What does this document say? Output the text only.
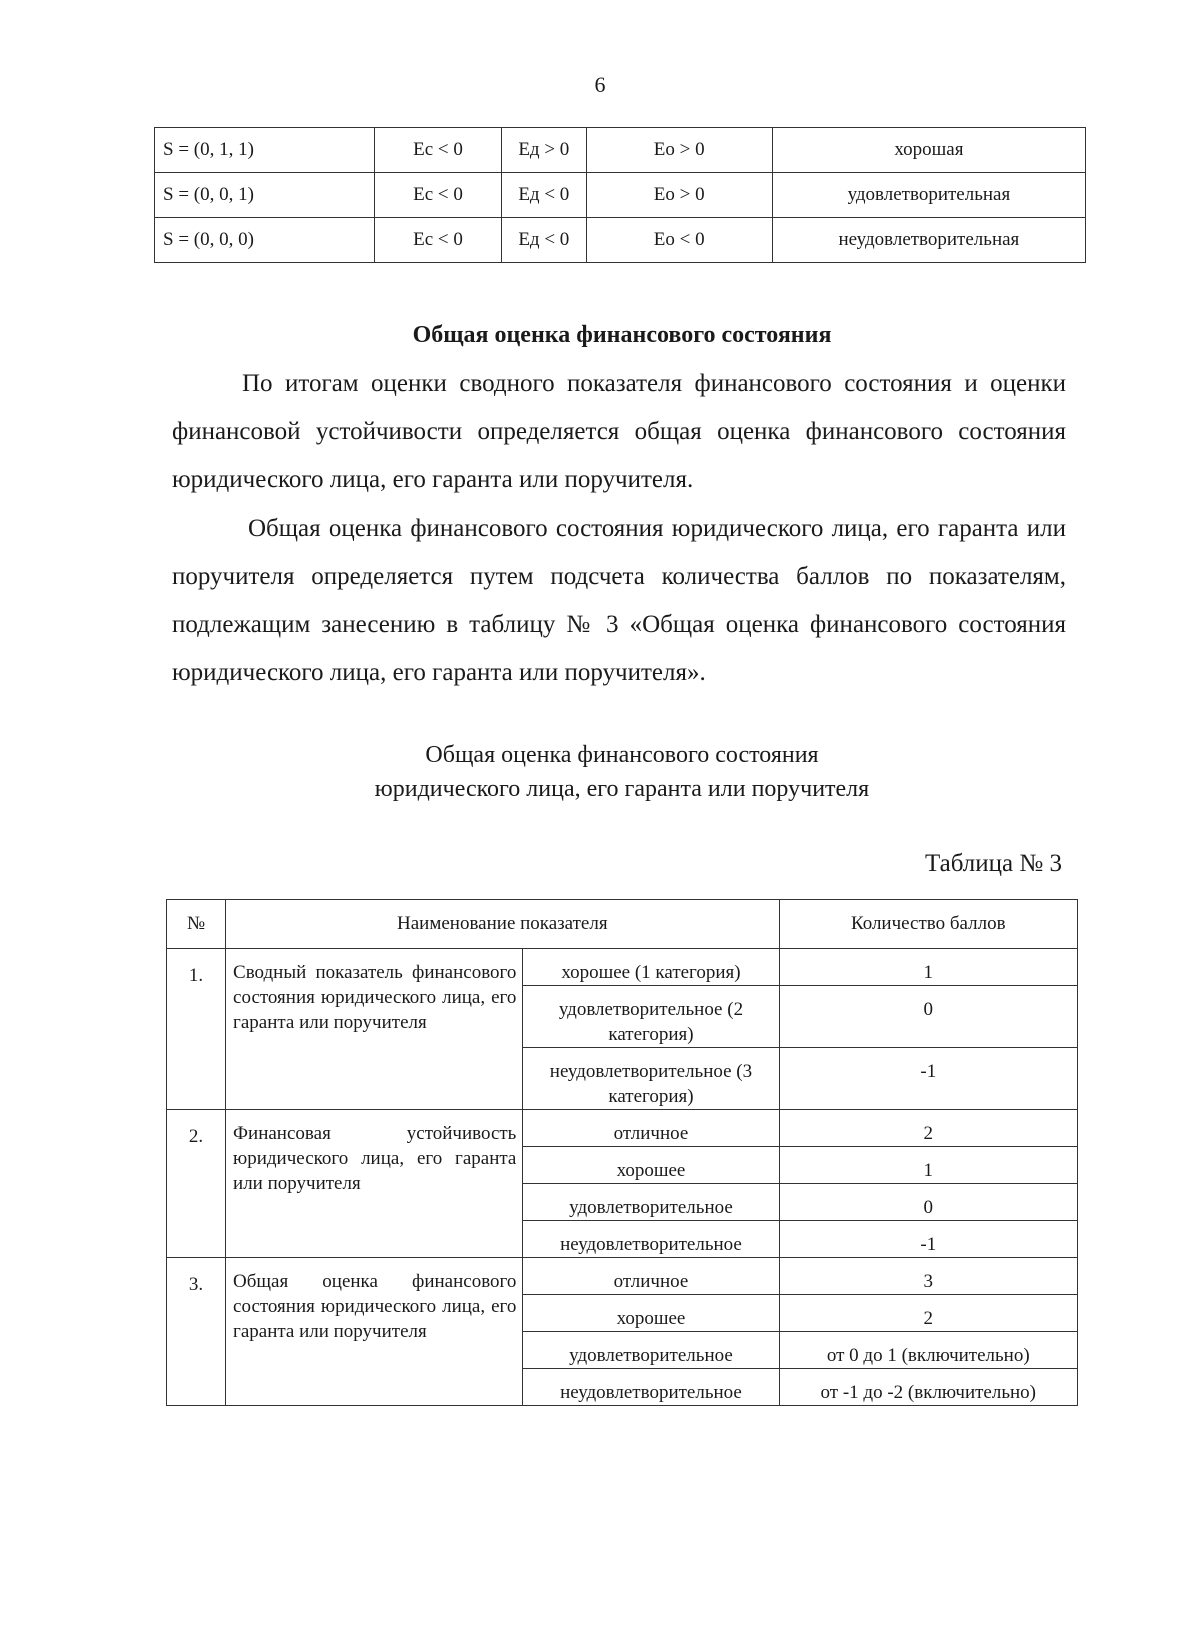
6
S = (0, 1, 1)	Ес < 0	Ед > 0	Ео > 0	хорошая
S = (0, 0, 1)	Ес < 0	Ед < 0	Ео > 0	удовлетворительная
S = (0, 0, 0)	Ес < 0	Ед < 0	Ео < 0	неудовлетворительная
Общая оценка финансового состояния
По итогам оценки сводного показателя финансового состояния и оценки финансовой устойчивости определяется общая оценка финансового состояния юридического лица, его гаранта или поручителя.
Общая оценка финансового состояния юридического лица, его гаранта или поручителя определяется путем подсчета количества баллов по показателям, подлежащим занесению в таблицу № 3 «Общая оценка финансового состояния юридического лица, его гаранта или поручителя».
Общая оценка финансового состояния
юридического лица, его гаранта или поручителя
Таблица № 3
№	Наименование показателя		Количество баллов
1.	Сводный показатель финансового состояния юридического лица, его гаранта или поручителя	хорошее (1 категория)	1
		удовлетворительное (2 категория)	0
		неудовлетворительное (3 категория)	-1
2.	Финансовая устойчивость юридического лица, его гаранта или поручителя	отличное	2
		хорошее	1
		удовлетворительное	0
		неудовлетворительное	-1
3.	Общая оценка финансового состояния юридического лица, его гаранта или поручителя	отличное	3
		хорошее	2
		удовлетворительное	от 0 до 1 (включительно)
		неудовлетворительное	от -1 до -2 (включительно)
